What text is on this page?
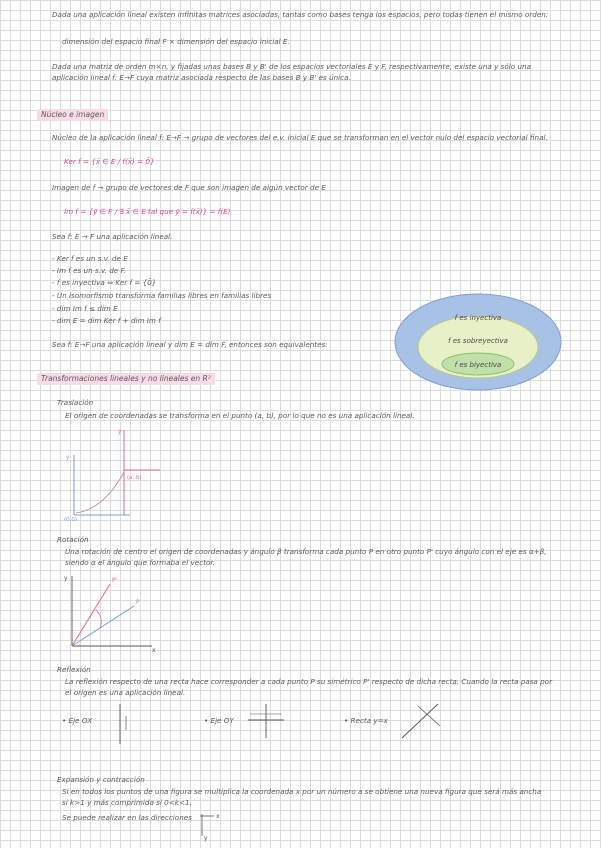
Dada una aplicación lineal existen infinitas matrices asociadas, tantas como bases tenga los espacios, pero todas tienen el mismo orden:
dimensión del espacio final F × dimensión del espacio inicial E.
Dada una matriz de orden m×n, y fijadas unas bases B y B' de los espacios vectoriales E y F, respectivamente, existe una y sólo una
aplicación lineal f: E→F cuya matriz asociada respecto de las bases B y B' es única.
Núcleo e imagen
Núcleo de la aplicación lineal f: E→F → grupo de vectores del e.v. inicial E que se transforman en el vector nulo del espacio vectorial final.
Ker f = {x̄ ∈ E / f(x̄) = 0̄}
Imagen de f → grupo de vectores de F que son imagen de algún vector de E
Im f = {ȳ ∈ F / ∃ x̄ ∈ E tal que ȳ = f(x̄)} = f(E)
Sea f: E → F una aplicación lineal.
- Ker f es un s.v. de E
- Im f es un s.v. de F.
- f es inyectiva ⇔ Ker f = {0̄}
- Un isomorfismo transforma familias libres en familias libres
- dim Im f ≤ dim E
- dim E = dim Ker f + dim Im f
Sea f: E→F una aplicación lineal y dim E = dim F, entonces son equivalentes:
f es inyectiva
f es sobreyectiva
f es biyectiva
Transformaciones lineales y no lineales en R²
Traslación
El origen de coordenadas se transforma en el punto (a, b), por lo que no es una aplicación lineal.
y
y
(0,0)
(a, b)
Rotación
Una rotación de centro el origen de coordenadas y ángulo β transforma cada punto P en otro punto P' cuyo ángulo con el eje es α+β,
siendo α el ángulo que formaba el vector.
y
x
P
P'
Reflexión
La reflexión respecto de una recta hace corresponder a cada punto P su simétrico P' respecto de dicha recta. Cuando la recta pasa por
el origen es una aplicación lineal.
• Eje OX	• Eje OY	• Recta y=x
Expansión y contracción
Si en todos los puntos de una figura se multiplica la coordenada x por un número a se obtiene una nueva figura que será más ancha
si k>1 y más comprimida si 0<k<1.
Se puede realizar en las direcciones	x
y
